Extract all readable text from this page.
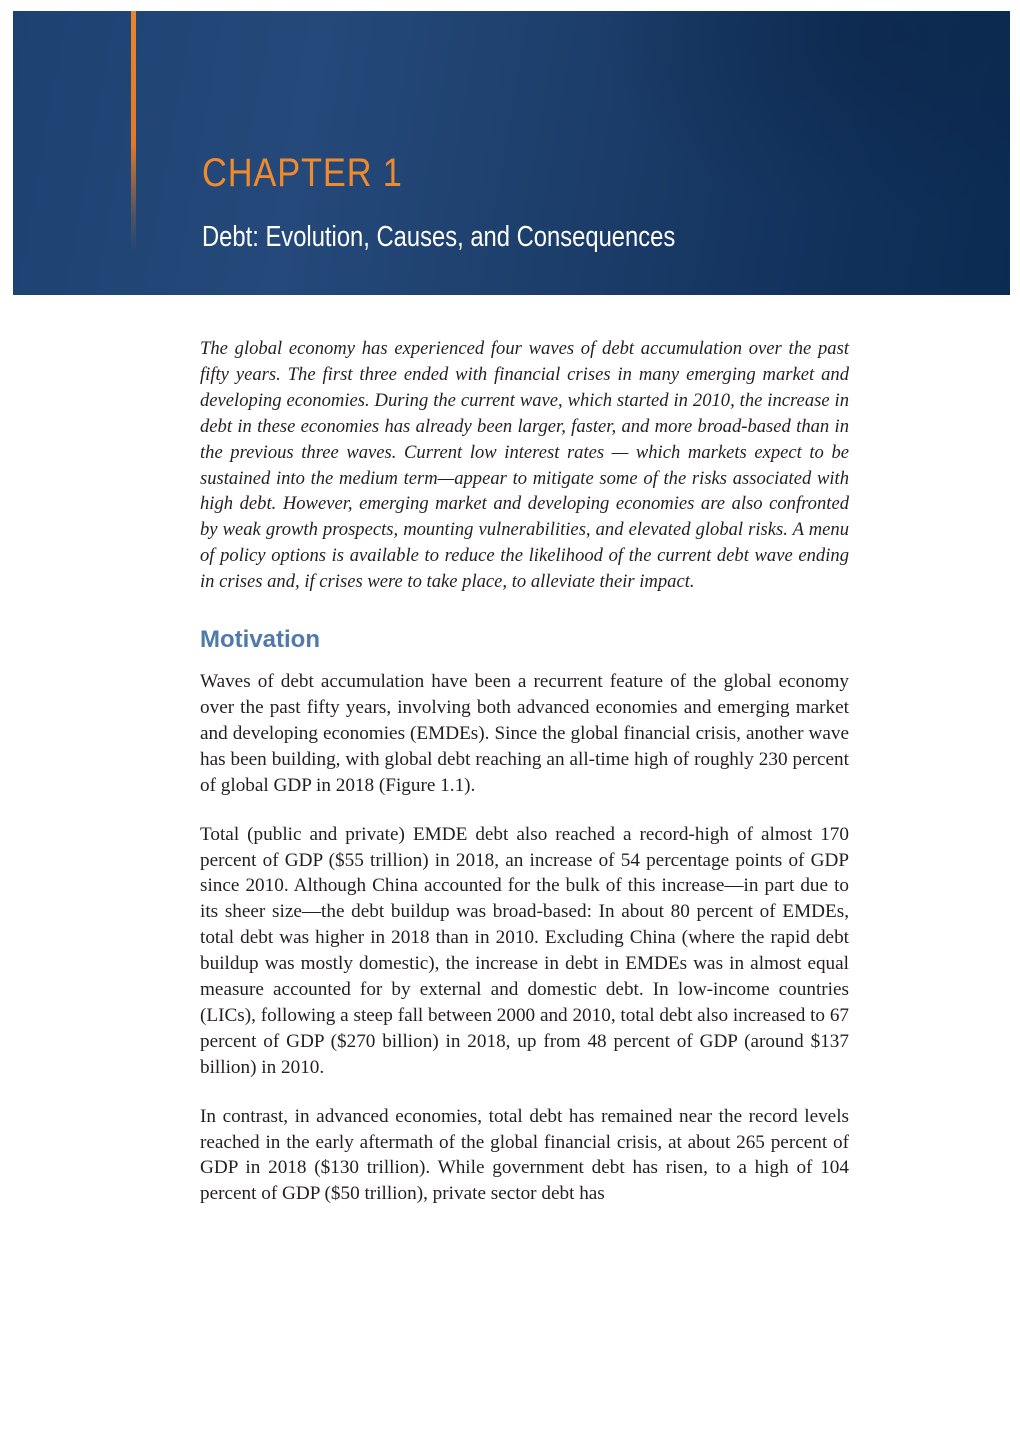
CHAPTER 1
Debt: Evolution, Causes, and Consequences

The global economy has experienced four waves of debt accumulation over the past fifty years. The first three ended with financial crises in many emerging market and developing economies. During the current wave, which started in 2010, the increase in debt in these economies has already been larger, faster, and more broad-based than in the previous three waves. Current low interest rates — which markets expect to be sustained into the medium term—appear to mitigate some of the risks associated with high debt. However, emerging market and developing economies are also confronted by weak growth prospects, mounting vulnerabilities, and elevated global risks. A menu of policy options is available to reduce the likelihood of the current debt wave ending in crises and, if crises were to take place, to alleviate their impact.

Motivation

Waves of debt accumulation have been a recurrent feature of the global economy over the past fifty years, involving both advanced economies and emerging market and developing economies (EMDEs). Since the global financial crisis, another wave has been building, with global debt reaching an all-time high of roughly 230 percent of global GDP in 2018 (Figure 1.1).

Total (public and private) EMDE debt also reached a record-high of almost 170 percent of GDP ($55 trillion) in 2018, an increase of 54 percentage points of GDP since 2010. Although China accounted for the bulk of this increase—in part due to its sheer size—the debt buildup was broad-based: In about 80 percent of EMDEs, total debt was higher in 2018 than in 2010. Excluding China (where the rapid debt buildup was mostly domestic), the increase in debt in EMDEs was in almost equal measure accounted for by external and domestic debt. In low-income countries (LICs), following a steep fall between 2000 and 2010, total debt also increased to 67 percent of GDP ($270 billion) in 2018, up from 48 percent of GDP (around $137 billion) in 2010.

In contrast, in advanced economies, total debt has remained near the record levels reached in the early aftermath of the global financial crisis, at about 265 percent of GDP in 2018 ($130 trillion). While government debt has risen, to a high of 104 percent of GDP ($50 trillion), private sector debt has
